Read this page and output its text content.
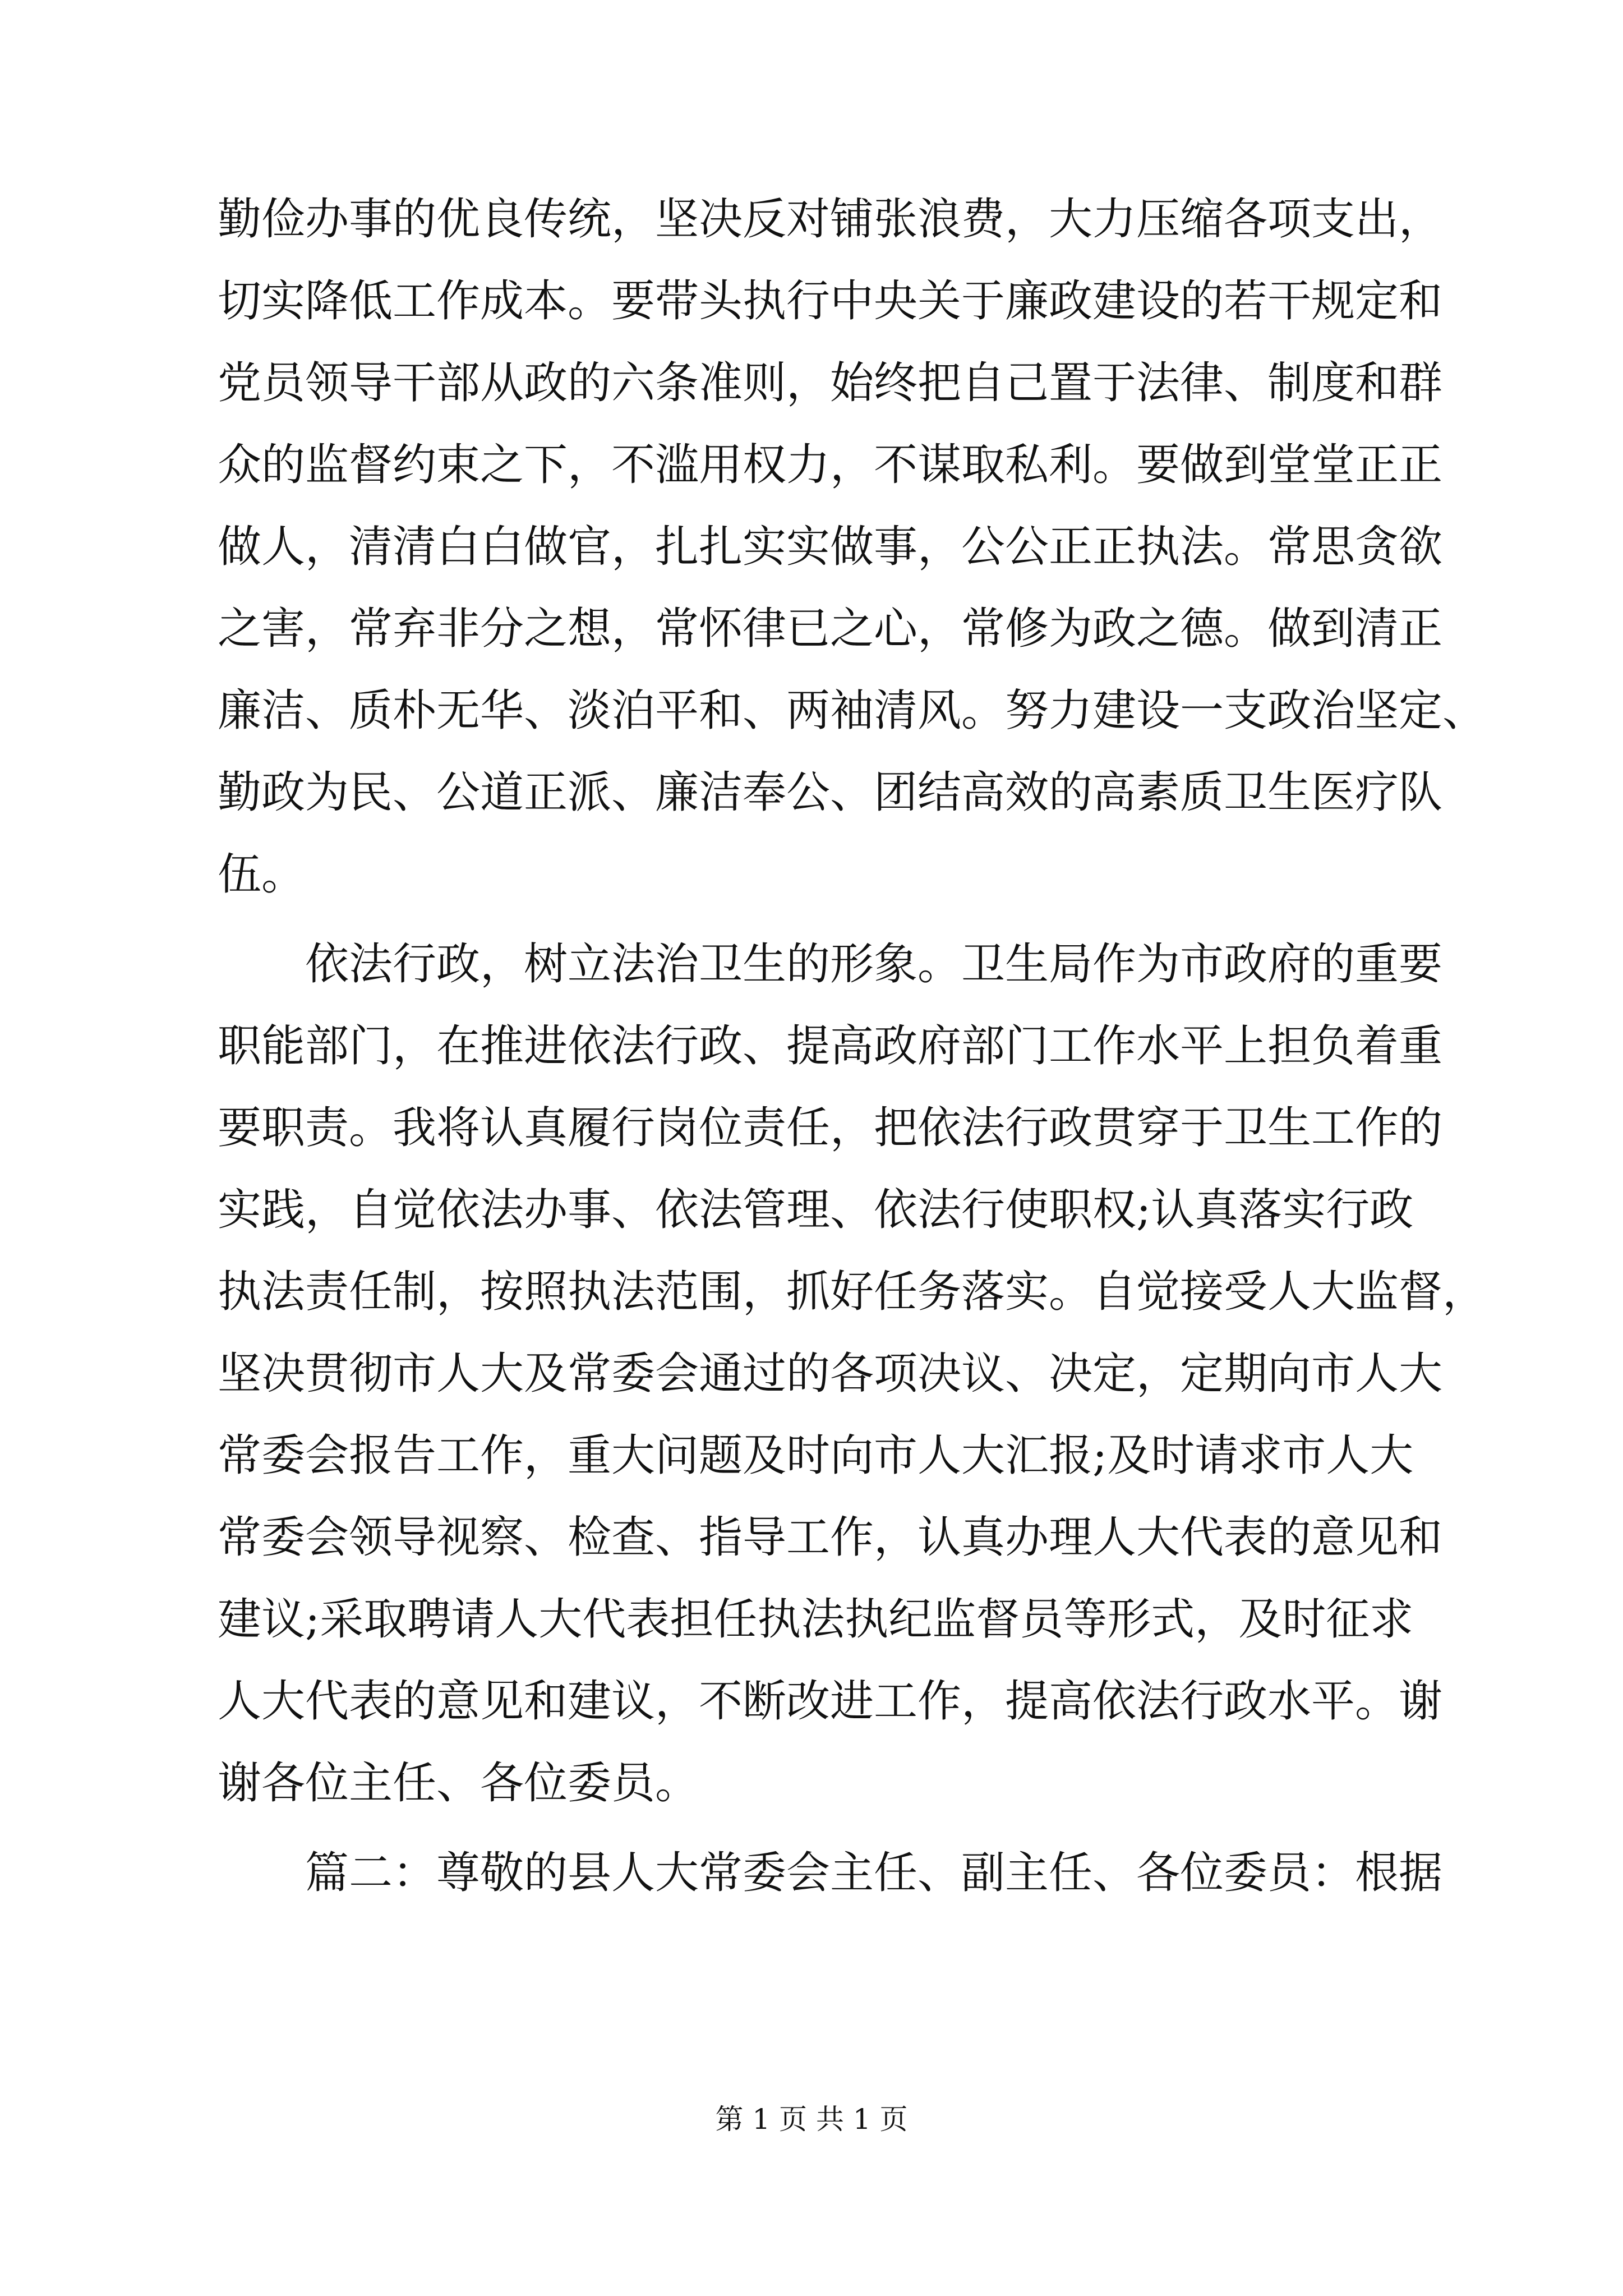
勤俭办事的优良传统，坚决反对铺张浪费，大力压缩各项支出，
切实降低工作成本。要带头执行中央关于廉政建设的若干规定和
党员领导干部从政的六条准则，始终把自己置于法律、制度和群
众的监督约束之下，不滥用权力，不谋取私利。要做到堂堂正正
做人，清清白白做官，扎扎实实做事，公公正正执法。常思贪欲
之害，常弃非分之想，常怀律已之心，常修为政之德。做到清正
廉洁、质朴无华、淡泊平和、两袖清风。努力建设一支政治坚定、
勤政为民、公道正派、廉洁奉公、团结高效的高素质卫生医疗队
伍。
依法行政，树立法治卫生的形象。卫生局作为市政府的重要
职能部门，在推进依法行政、提高政府部门工作水平上担负着重
要职责。我将认真履行岗位责任，把依法行政贯穿于卫生工作的
实践，自觉依法办事、依法管理、依法行使职权;认真落实行政
执法责任制，按照执法范围，抓好任务落实。自觉接受人大监督，
坚决贯彻市人大及常委会通过的各项决议、决定，定期向市人大
常委会报告工作，重大问题及时向市人大汇报;及时请求市人大
常委会领导视察、检查、指导工作，认真办理人大代表的意见和
建议;采取聘请人大代表担任执法执纪监督员等形式，及时征求
人大代表的意见和建议，不断改进工作，提高依法行政水平。谢
谢各位主任、各位委员。
篇二：尊敬的县人大常委会主任、副主任、各位委员：根据
第 1 页 共 1 页
